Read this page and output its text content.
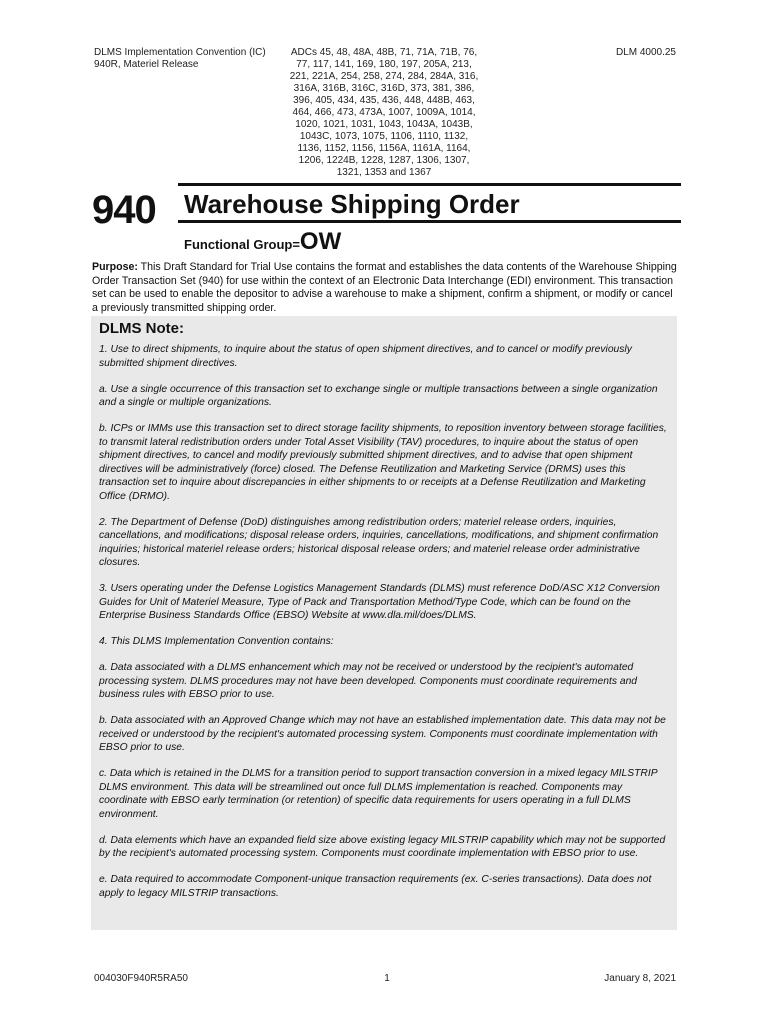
DLMS Implementation Convention (IC)
940R, Materiel Release
ADCs 45, 48, 48A, 48B, 71, 71A, 71B, 76,
77, 117, 141, 169, 180, 197, 205A, 213,
221, 221A, 254, 258, 274, 284, 284A, 316,
316A, 316B, 316C, 316D, 373, 381, 386,
396, 405, 434, 435, 436, 448, 448B, 463,
464, 466, 473, 473A, 1007, 1009A, 1014,
1020, 1021, 1031, 1043, 1043A, 1043B,
1043C, 1073, 1075, 1106, 1110, 1132,
1136, 1152, 1156, 1156A, 1161A, 1164,
1206, 1224B, 1228, 1287, 1306, 1307,
1321, 1353 and 1367
DLM 4000.25
940 Warehouse Shipping Order
Functional Group=OW
Purpose: This Draft Standard for Trial Use contains the format and establishes the data contents of the Warehouse Shipping Order Transaction Set (940) for use within the context of an Electronic Data Interchange (EDI) environment. This transaction set can be used to enable the depositor to advise a warehouse to make a shipment, confirm a shipment, or modify or cancel a previously transmitted shipping order.
DLMS Note:

1. Use to direct shipments, to inquire about the status of open shipment directives, and to cancel or modify previously submitted shipment directives.

a. Use a single occurrence of this transaction set to exchange single or multiple transactions between a single organization and a single or multiple organizations.

b. ICPs or IMMs use this transaction set to direct storage facility shipments, to reposition inventory between storage facilities, to transmit lateral redistribution orders under Total Asset Visibility (TAV) procedures, to inquire about the status of open shipment directives, to cancel and modify previously submitted shipment directives, and to advise that open shipment directives will be administratively (force) closed. The Defense Reutilization and Marketing Service (DRMS) uses this transaction set to inquire about discrepancies in either shipments to or receipts at a Defense Reutilization and Marketing Office (DRMO).

2. The Department of Defense (DoD) distinguishes among redistribution orders; materiel release orders, inquiries, cancellations, and modifications; disposal release orders, inquiries, cancellations, modifications, and shipment confirmation inquiries; historical materiel release orders; historical disposal release orders; and materiel release order administrative closures.

3. Users operating under the Defense Logistics Management Standards (DLMS) must reference DoD/ASC X12 Conversion Guides for Unit of Materiel Measure, Type of Pack and Transportation Method/Type Code, which can be found on the Enterprise Business Standards Office (EBSO) Website at www.dla.mil/does/DLMS.

4. This DLMS Implementation Convention contains:

a. Data associated with a DLMS enhancement which may not be received or understood by the recipient's automated processing system. DLMS procedures may not have been developed. Components must coordinate requirements and business rules with EBSO prior to use.

b. Data associated with an Approved Change which may not have an established implementation date. This data may not be received or understood by the recipient's automated processing system. Components must coordinate implementation with EBSO prior to use.

c. Data which is retained in the DLMS for a transition period to support transaction conversion in a mixed legacy MILSTRIP DLMS environment. This data will be streamlined out once full DLMS implementation is reached. Components may coordinate with EBSO early termination (or retention) of specific data requirements for users operating in a full DLMS environment.

d. Data elements which have an expanded field size above existing legacy MILSTRIP capability which may not be supported by the recipient's automated processing system. Components must coordinate implementation with EBSO prior to use.

e. Data required to accommodate Component-unique transaction requirements (ex. C-series transactions). Data does not apply to legacy MILSTRIP transactions.

004030F940R5RA50	1	January 8, 2021
